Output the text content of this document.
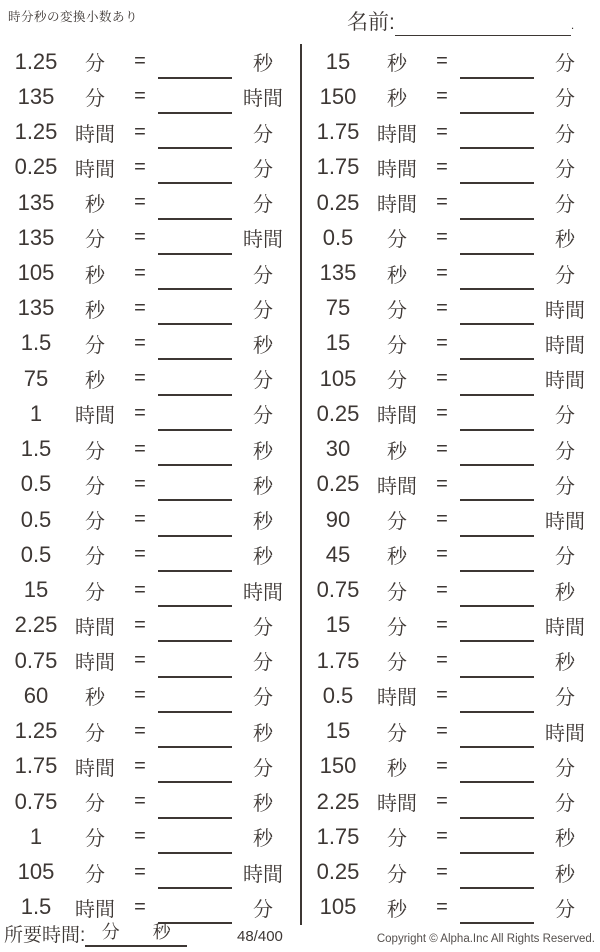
時分秒の変換小数あり	名前:	.
1.25	分	=	秒
135	分	=	時間
1.25 時間 =	分
0.25 時間 =	分
135	秒	=	分
135	分	=	時間
105	秒	=	分
135	秒	=	分
1.5	分	=	秒
75	秒	=	分
1	時間 =	分
1.5	分	=	秒
0.5	分	=	秒
0.5	分	=	秒
0.5	分	=	秒
15	分	=	時間
2.25 時間 =	分
0.75 時間 =	分
60	秒	=	分
1.25	分	=	秒
1.75 時間 =	分
0.75	分	=	秒
1	分	=	秒
105	分	=	時間
1.5	時間 =	分
15	秒	=	分
150	秒	=	分
1.75 時間 =	分
1.75 時間 =	分
0.25 時間 =	分
0.5	分	=	秒
135	秒	=	分
75	分	=	時間
15	分	=	時間
105	分	=	時間
0.25 時間 =	分
30	秒	=	分
0.25 時間 =	分
90	分	=	時間
45	秒	=	分
0.75	分	=	秒
15	分	=	時間
1.75	分	=	秒
0.5	時間 =	分
15	分	=	時間
150	秒	=	分
2.25 時間 =	分
1.75	分	=	秒
0.25	分	=	秒
105	秒	=	分
所要時間: 分 秒	48/400	Copyright © Alpha.Inc All Rights Reserved.
